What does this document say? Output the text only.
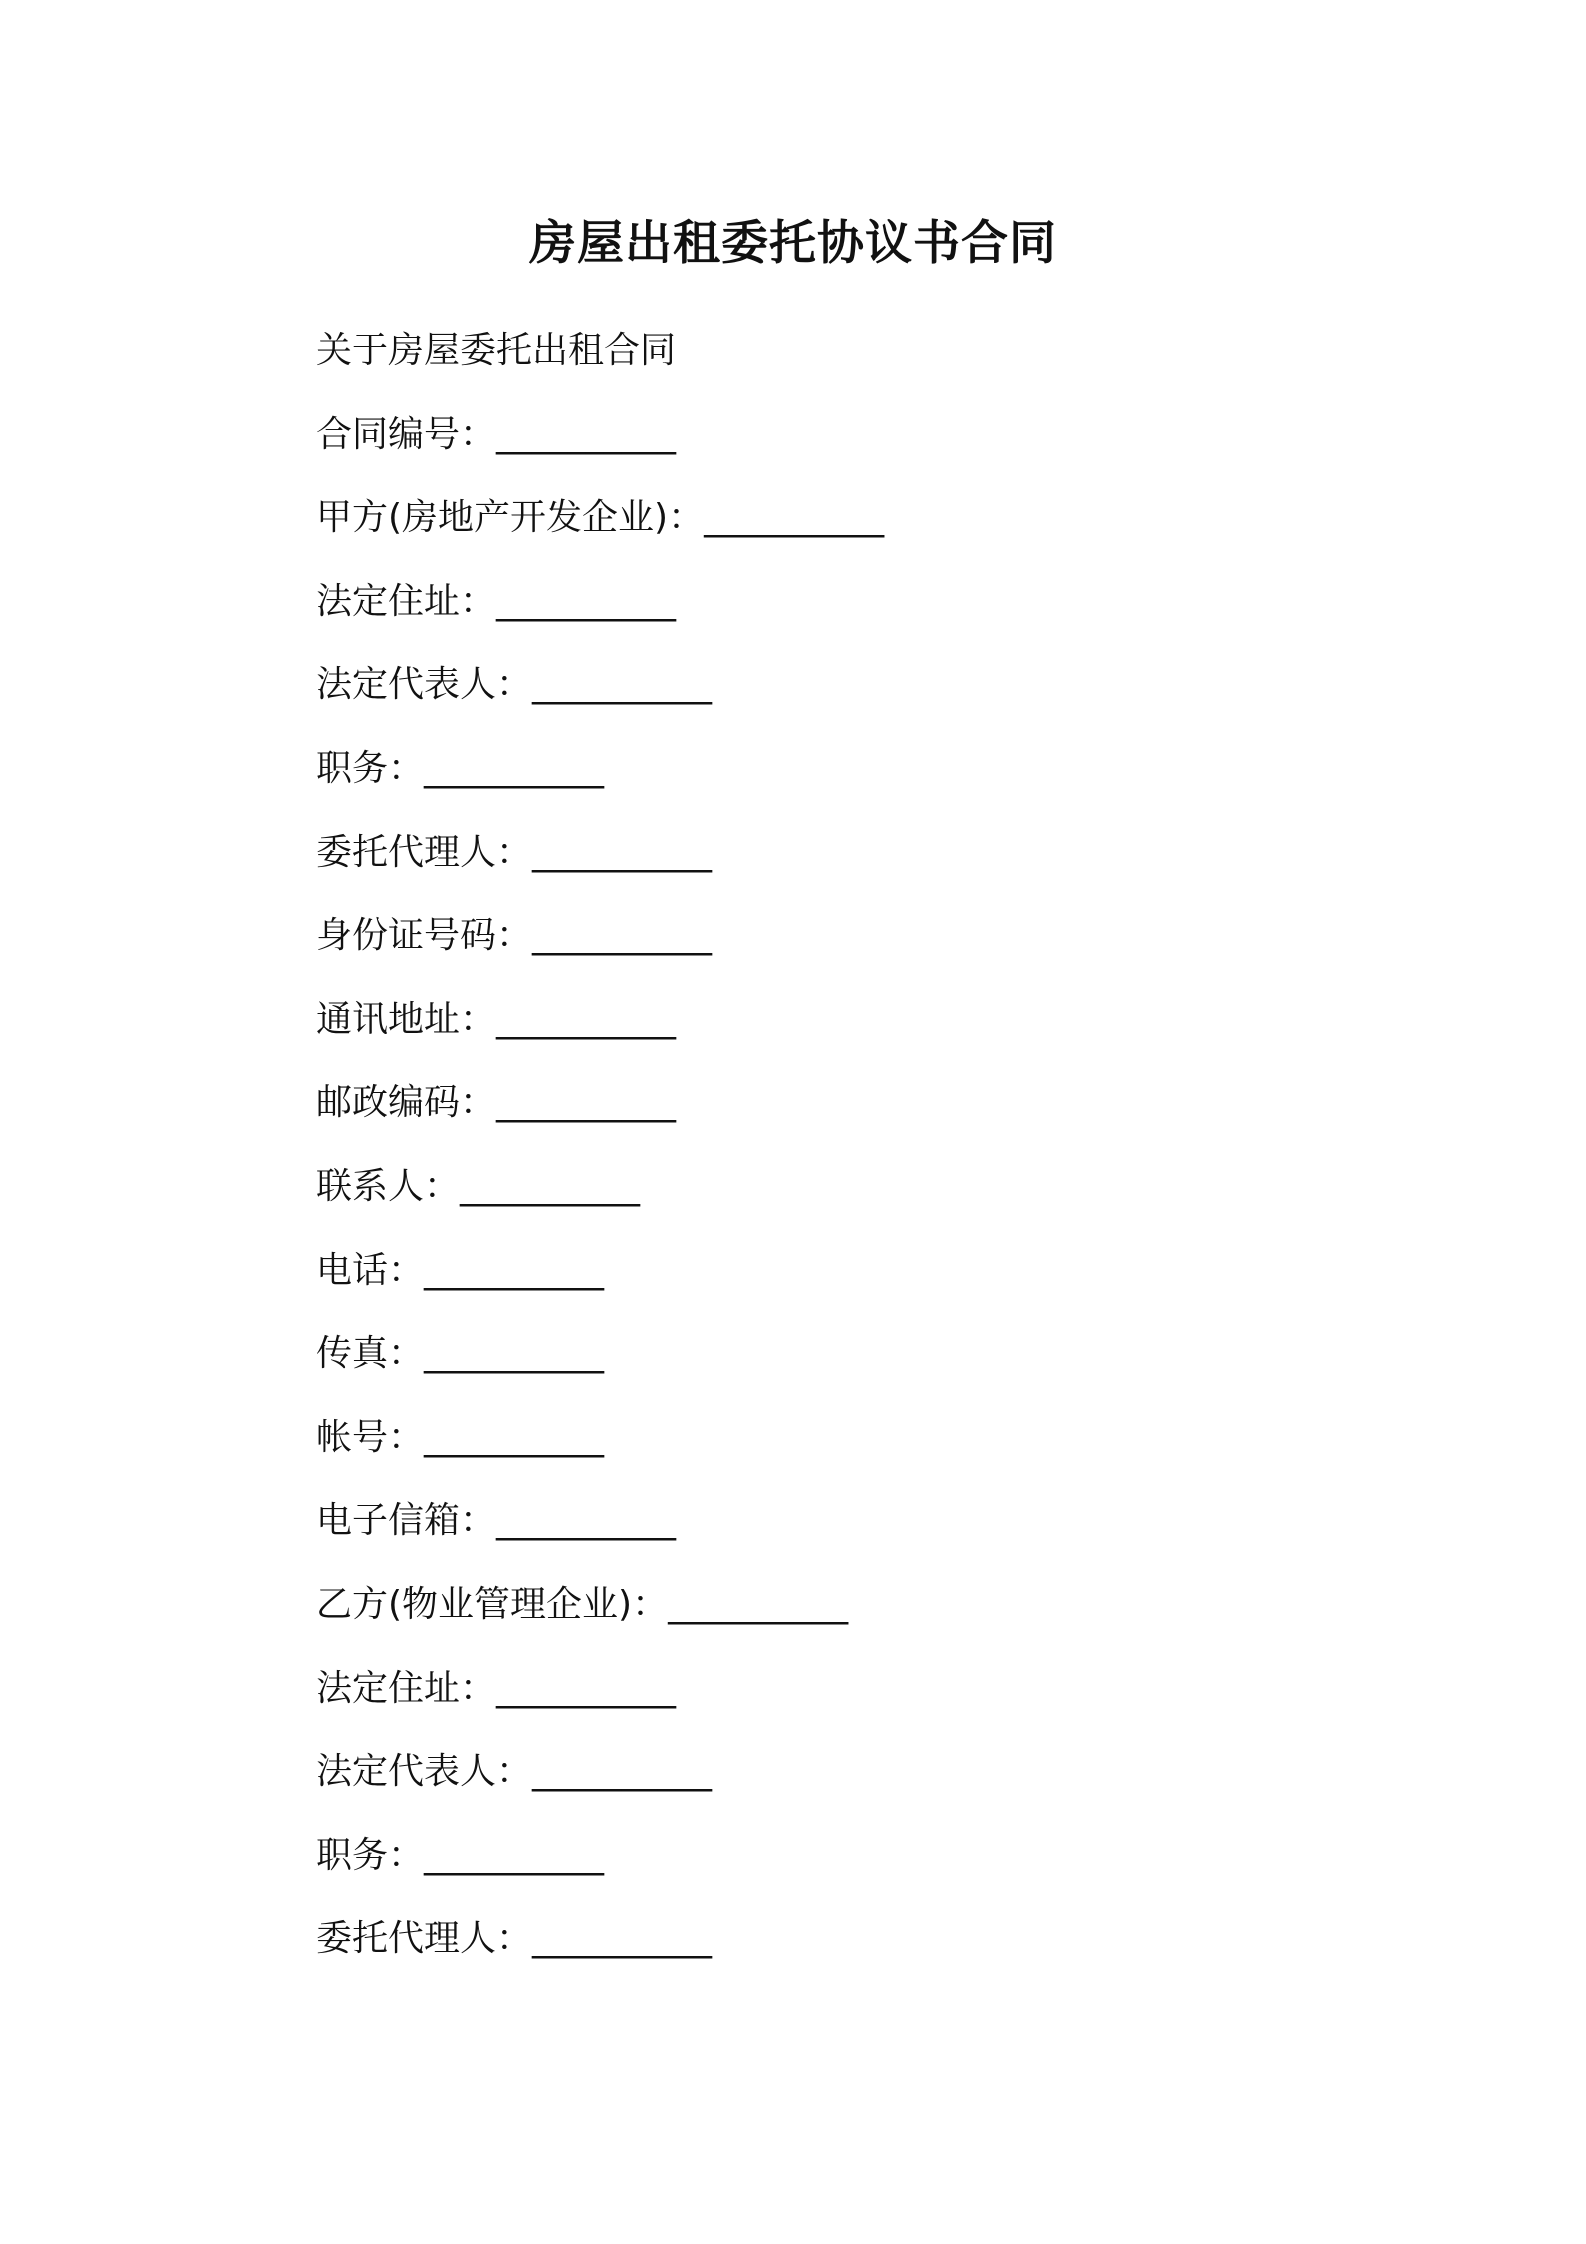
房屋出租委托协议书合同
关于房屋委托出租合同
合同编号：__________
甲方(房地产开发企业)：__________
法定住址：__________
法定代表人：__________
职务：__________
委托代理人：__________
身份证号码：__________
通讯地址：__________
邮政编码：__________
联系人：__________
电话：__________
传真：__________
帐号：__________
电子信箱：__________
乙方(物业管理企业)：__________
法定住址：__________
法定代表人：__________
职务：__________
委托代理人：__________
